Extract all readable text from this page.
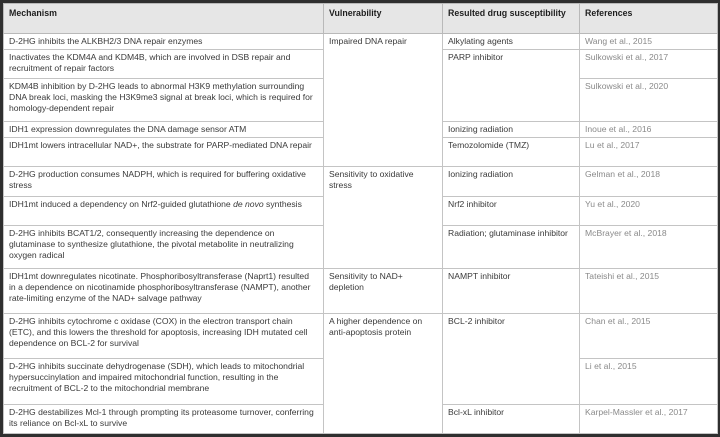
Mechanism	Vulnerability	Resulted drug susceptibility	References
D-2HG inhibits the ALKBH2/3 DNA repair enzymes	Impaired DNA repair	Alkylating agents	Wang et al., 2015
Inactivates the KDM4A and KDM4B, which are involved in DSB repair and recruitment of repair factors		PARP inhibitor	Sulkowski et al., 2017
KDM4B inhibition by D-2HG leads to abnormal H3K9 methylation surrounding DNA break loci, masking the H3K9me3 signal at break loci, which is required for homology-dependent repair			Sulkowski et al., 2020
IDH1 expression downregulates the DNA damage sensor ATM		Ionizing radiation	Inoue et al., 2016
IDH1mt lowers intracellular NAD+, the substrate for PARP-mediated DNA repair		Temozolomide (TMZ)	Lu et al., 2017
D-2HG production consumes NADPH, which is required for buffering oxidative stress	Sensitivity to oxidative stress	Ionizing radiation	Gelman et al., 2018
IDH1mt induced a dependency on Nrf2-guided glutathione de novo synthesis		Nrf2 inhibitor	Yu et al., 2020
D-2HG inhibits BCAT1/2, consequently increasing the dependence on glutaminase to synthesize glutathione, the pivotal metabolite in neutralizing oxygen radical		Radiation; glutaminase inhibitor	McBrayer et al., 2018
IDH1mt downregulates nicotinate. Phosphoribosyltransferase (Naprt1) resulted in a dependence on nicotinamide phosphoribosyltransferase (NAMPT), another rate-limiting enzyme of the NAD+ salvage pathway	Sensitivity to NAD+ depletion	NAMPT inhibitor	Tateishi et al., 2015
D-2HG inhibits cytochrome c oxidase (COX) in the electron transport chain (ETC), and this lowers the threshold for apoptosis, increasing IDH mutated cell dependence on BCL-2 for survival	A higher dependence on anti-apoptosis protein	BCL-2 inhibitor	Chan et al., 2015
D-2HG inhibits succinate dehydrogenase (SDH), which leads to mitochondrial hypersuccinylation and impaired mitochondrial function, resulting in the recruitment of BCL-2 to the mitochondrial membrane			Li et al., 2015
D-2HG destabilizes Mcl-1 through prompting its proteasome turnover, conferring its reliance on Bcl-xL to survive		Bcl-xL inhibitor	Karpel-Massler et al., 2017
